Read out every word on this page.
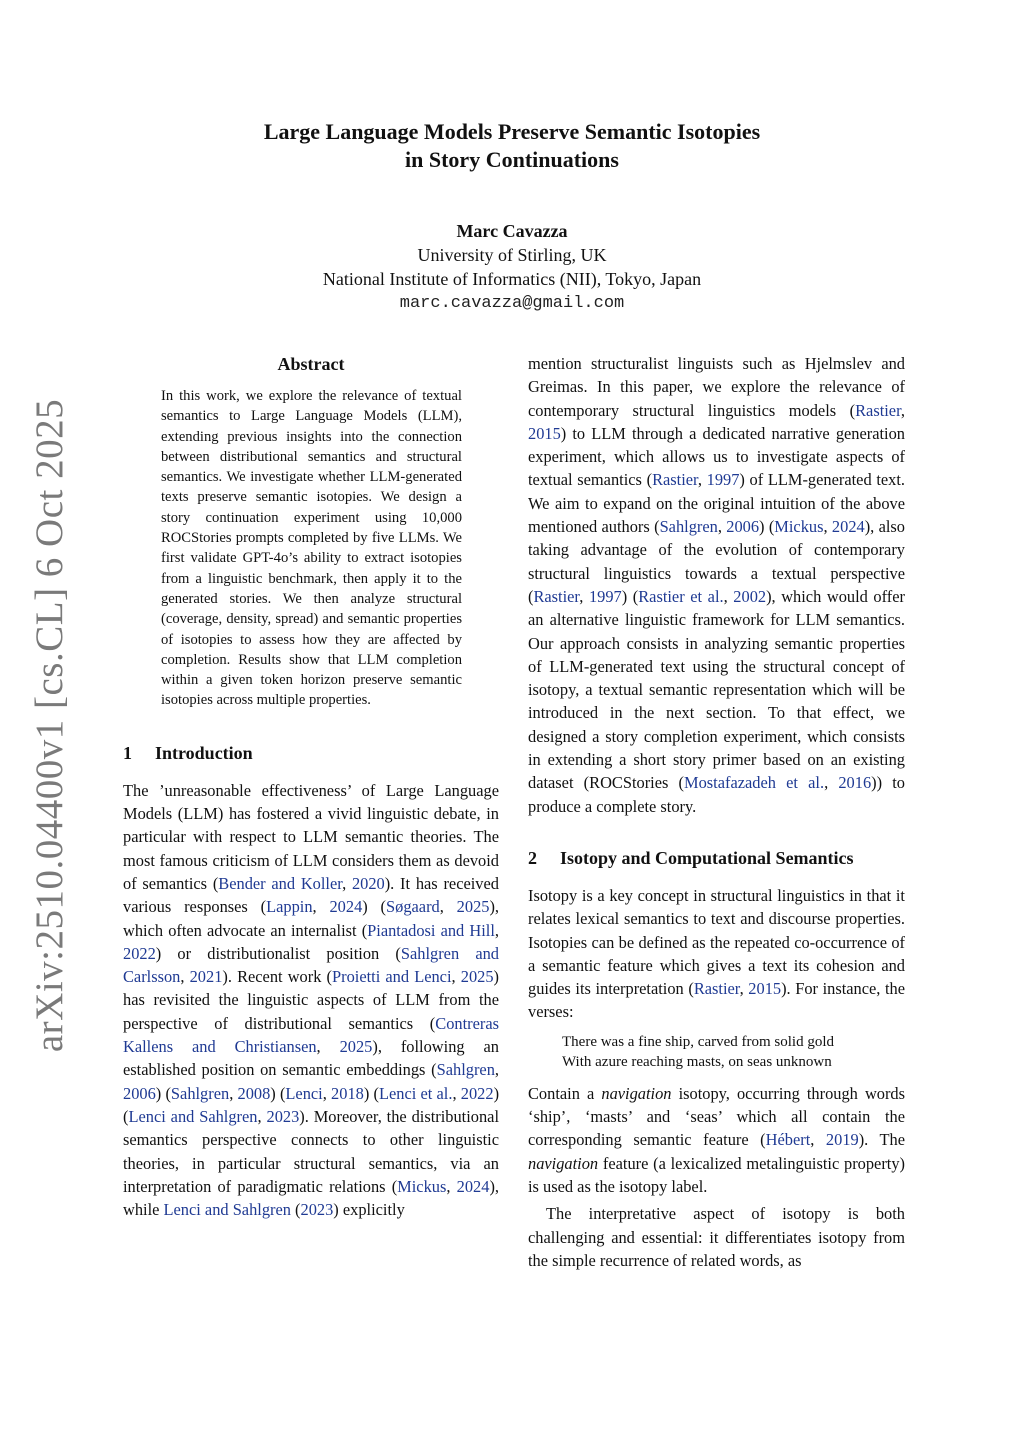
arXiv:2510.04400v1 [cs.CL] 6 Oct 2025
Large Language Models Preserve Semantic Isotopies
in Story Continuations
Marc Cavazza
University of Stirling, UK
National Institute of Informatics (NII), Tokyo, Japan
marc.cavazza@gmail.com
Abstract

In this work, we explore the relevance of textual semantics to Large Language Models (LLM), extending previous insights into the connection between distributional semantics and structural semantics. We investigate whether LLM-generated texts preserve semantic isotopies. We design a story continuation experiment using 10,000 ROCStories prompts completed by five LLMs. We first validate GPT-4o’s ability to extract isotopies from a linguistic benchmark, then apply it to the generated stories. We then analyze structural (coverage, density, spread) and semantic properties of isotopies to assess how they are affected by completion. Results show that LLM completion within a given token horizon preserve semantic isotopies across multiple properties.

1 Introduction

The ’unreasonable effectiveness’ of Large Language Models (LLM) has fostered a vivid linguistic debate, in particular with respect to LLM semantic theories. The most famous criticism of LLM considers them as devoid of semantics (Bender and Koller, 2020). It has received various responses (Lappin, 2024) (Søgaard, 2025), which often advocate an internalist (Piantadosi and Hill, 2022) or distributionalist position (Sahlgren and Carlsson, 2021). Recent work (Proietti and Lenci, 2025) has revisited the linguistic aspects of LLM from the perspective of distributional semantics (Contreras Kallens and Christiansen, 2025), following an established position on semantic embeddings (Sahlgren, 2006) (Sahlgren, 2008) (Lenci, 2018) (Lenci et al., 2022)(Lenci and Sahlgren, 2023). Moreover, the distributional semantics perspective connects to other linguistic theories, in particular structural semantics, via an interpretation of paradigmatic relations (Mickus, 2024), while Lenci and Sahlgren (2023) explicitly

mention structuralist linguists such as Hjelmslev and Greimas. In this paper, we explore the relevance of contemporary structural linguistics models (Rastier, 2015) to LLM through a dedicated narrative generation experiment, which allows us to investigate aspects of textual semantics (Rastier, 1997) of LLM-generated text. We aim to expand on the original intuition of the above mentioned authors (Sahlgren, 2006) (Mickus, 2024), also taking advantage of the evolution of contemporary structural linguistics towards a textual perspective (Rastier, 1997) (Rastier et al., 2002), which would offer an alternative linguistic framework for LLM semantics. Our approach consists in analyzing semantic properties of LLM-generated text using the structural concept of isotopy, a textual semantic representation which will be introduced in the next section. To that effect, we designed a story completion experiment, which consists in extending a short story primer based on an existing dataset (ROCStories (Mostafazadeh et al., 2016)) to produce a complete story.

2 Isotopy and Computational Semantics

Isotopy is a key concept in structural linguistics in that it relates lexical semantics to text and discourse properties. Isotopies can be defined as the repeated co-occurrence of a semantic feature which gives a text its cohesion and guides its interpretation (Rastier, 2015). For instance, the verses:

There was a fine ship, carved from solid gold
With azure reaching masts, on seas unknown

Contain a navigation isotopy, occurring through words ‘ship’, ‘masts’ and ‘seas’ which all contain the corresponding semantic feature (Hébert, 2019). The navigation feature (a lexicalized metalinguistic property) is used as the isotopy label.

The interpretative aspect of isotopy is both challenging and essential: it differentiates isotopy from the simple recurrence of related words, as
